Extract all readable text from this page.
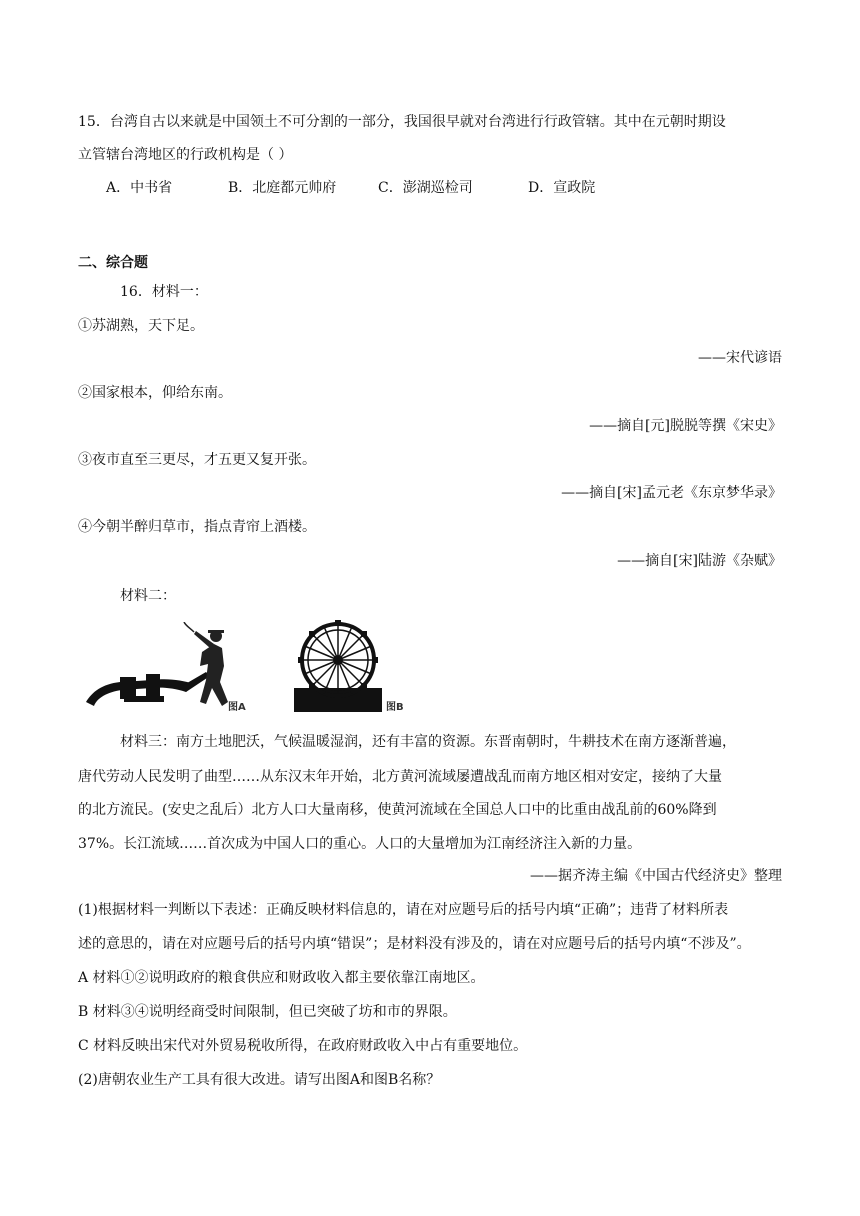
15．台湾自古以来就是中国领土不可分割的一部分，我国很早就对台湾进行行政管辖。其中在元朝时期设
立管辖台湾地区的行政机构是（ ）
A．中书省	B．北庭都元帅府	C．澎湖巡检司	D．宣政院
二、综合题
16．材料一：
①苏湖熟，天下足。
——宋代谚语
②国家根本，仰给东南。
——摘自[元]脱脱等撰《宋史》
③夜市直至三更尽，才五更又复开张。
——摘自[宋]孟元老《东京梦华录》
④今朝半醉归草市，指点青帘上酒楼。
——摘自[宋]陆游《杂赋》
材料二：
图A	图B
材料三：南方土地肥沃，气候温暖湿润，还有丰富的资源。东晋南朝时，牛耕技术在南方逐渐普遍，
唐代劳动人民发明了曲型……从东汉末年开始，北方黄河流域屡遭战乱而南方地区相对安定，接纳了大量
的北方流民。(安史之乱后）北方人口大量南移，使黄河流域在全国总人口中的比重由战乱前的60%降到
37%。长江流域……首次成为中国人口的重心。人口的大量增加为江南经济注入新的力量。
——据齐涛主编《中国古代经济史》整理
(1)根据材料一判断以下表述：正确反映材料信息的，请在对应题号后的括号内填“正确”；违背了材料所表
述的意思的，请在对应题号后的括号内填“错误”；是材料没有涉及的，请在对应题号后的括号内填“不涉及”。
A 材料①②说明政府的粮食供应和财政收入都主要依靠江南地区。
B 材料③④说明经商受时间限制，但已突破了坊和市的界限。
C 材料反映出宋代对外贸易税收所得，在政府财政收入中占有重要地位。
(2)唐朝农业生产工具有很大改进。请写出图A和图B名称？
